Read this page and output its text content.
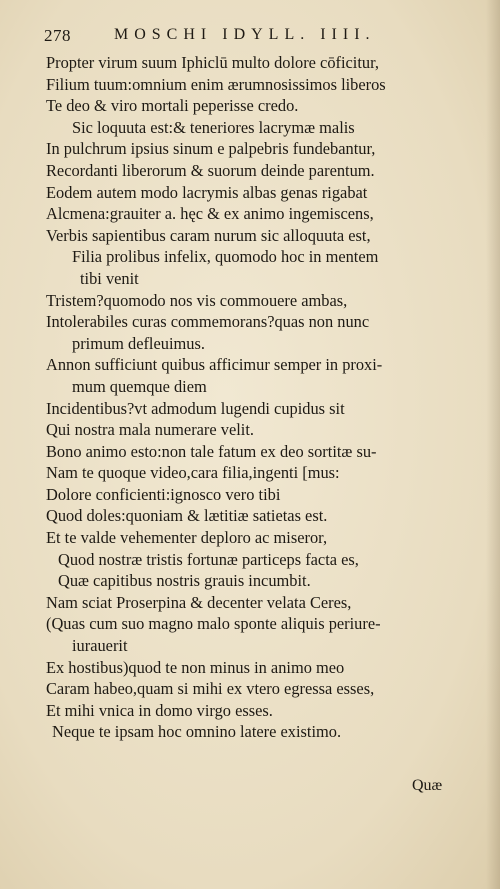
278	MOSCHI IDYLL. IIII.
Propter virum suum Iphiclū multo dolore cōficitur,
Filium tuum:omnium enim ærumnosissimos liberos
Te deo & viro mortali peperisse credo.
Sic loquuta est:& teneriores lacrymæ malis
In pulchrum ipsius sinum e palpebris fundebantur,
Recordanti liberorum & suorum deinde parentum.
Eodem autem modo lacrymis albas genas rigabat
Alcmena:grauiter a. hęc & ex animo ingemiscens,
Verbis sapientibus caram nurum sic alloquuta est,
Filia prolibus infelix, quomodo hoc in mentem
tibi venit
Tristem?quomodo nos vis commouere ambas,
Intolerabiles curas commemorans?quas non nunc
primum defleuimus.
Annon sufficiunt quibus afficimur semper in proxi-
mum quemque diem
Incidentibus?vt admodum lugendi cupidus sit
Qui nostra mala numerare velit.
Bono animo esto:non tale fatum ex deo sortitæ su-
Nam te quoque video,cara filia,ingenti [mus:
Dolore conficienti:ignosco vero tibi
Quod doles:quoniam & lætitiæ satietas est.
Et te valde vehementer deploro ac miseror,
Quod nostræ tristis fortunæ particeps facta es,
Quæ capitibus nostris grauis incumbit.
Nam sciat Proserpina & decenter velata Ceres,
(Quas cum suo magno malo sponte aliquis periure-
iurauerit
Ex hostibus)quod te non minus in animo meo
Caram habeo,quam si mihi ex vtero egressa esses,
Et mihi vnica in domo virgo esses.
Neque te ipsam hoc omnino latere existimo.
Quæ
